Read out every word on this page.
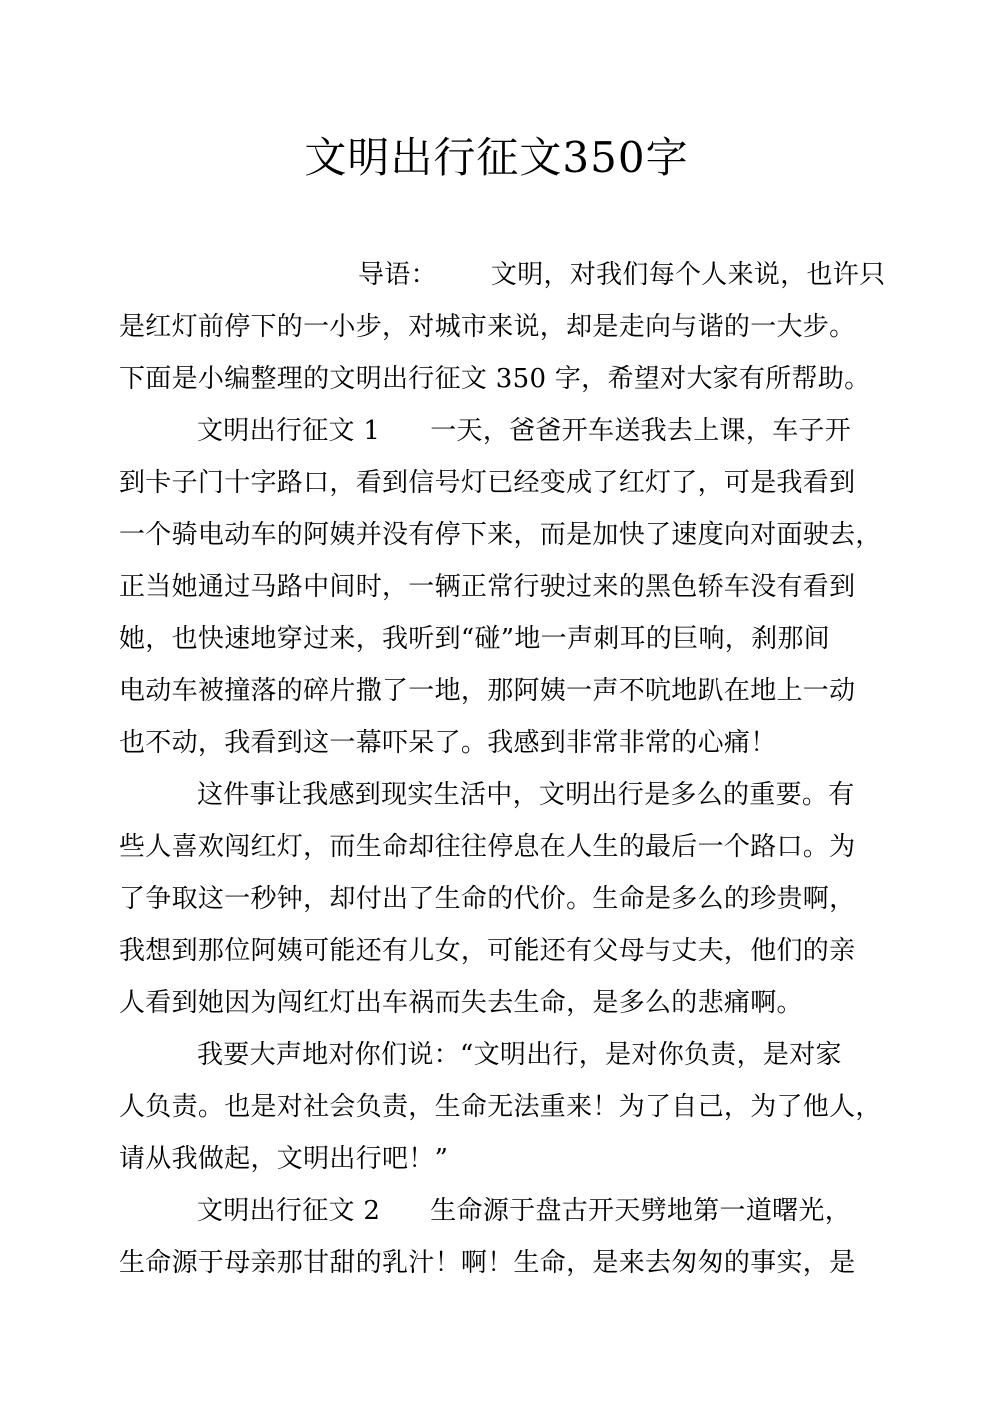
文明出行征文350字
导语： 文明，对我们每个人来说，也许只
是红灯前停下的一小步，对城市来说，却是走向与谐的一大步。
下面是小编整理的文明出行征文 350 字，希望对大家有所帮助。
文明出行征文 1 一天，爸爸开车送我去上课，车子开
到卡子门十字路口，看到信号灯已经变成了红灯了，可是我看到
一个骑电动车的阿姨并没有停下来，而是加快了速度向对面驶去，
正当她通过马路中间时，一辆正常行驶过来的黑色轿车没有看到
她，也快速地穿过来，我听到“碰”地一声刺耳的巨响，刹那间
电动车被撞落的碎片撒了一地，那阿姨一声不吭地趴在地上一动
也不动，我看到这一幕吓呆了。我感到非常非常的心痛！
这件事让我感到现实生活中，文明出行是多么的重要。有
些人喜欢闯红灯，而生命却往往停息在人生的最后一个路口。为
了争取这一秒钟，却付出了生命的代价。生命是多么的珍贵啊，
我想到那位阿姨可能还有儿女，可能还有父母与丈夫，他们的亲
人看到她因为闯红灯出车祸而失去生命，是多么的悲痛啊。
我要大声地对你们说：“文明出行，是对你负责，是对家
人负责。也是对社会负责，生命无法重来！为了自己，为了他人，
请从我做起，文明出行吧！”
文明出行征文 2 生命源于盘古开天劈地第一道曙光，
生命源于母亲那甘甜的乳汁！啊！生命，是来去匆匆的事实，是
